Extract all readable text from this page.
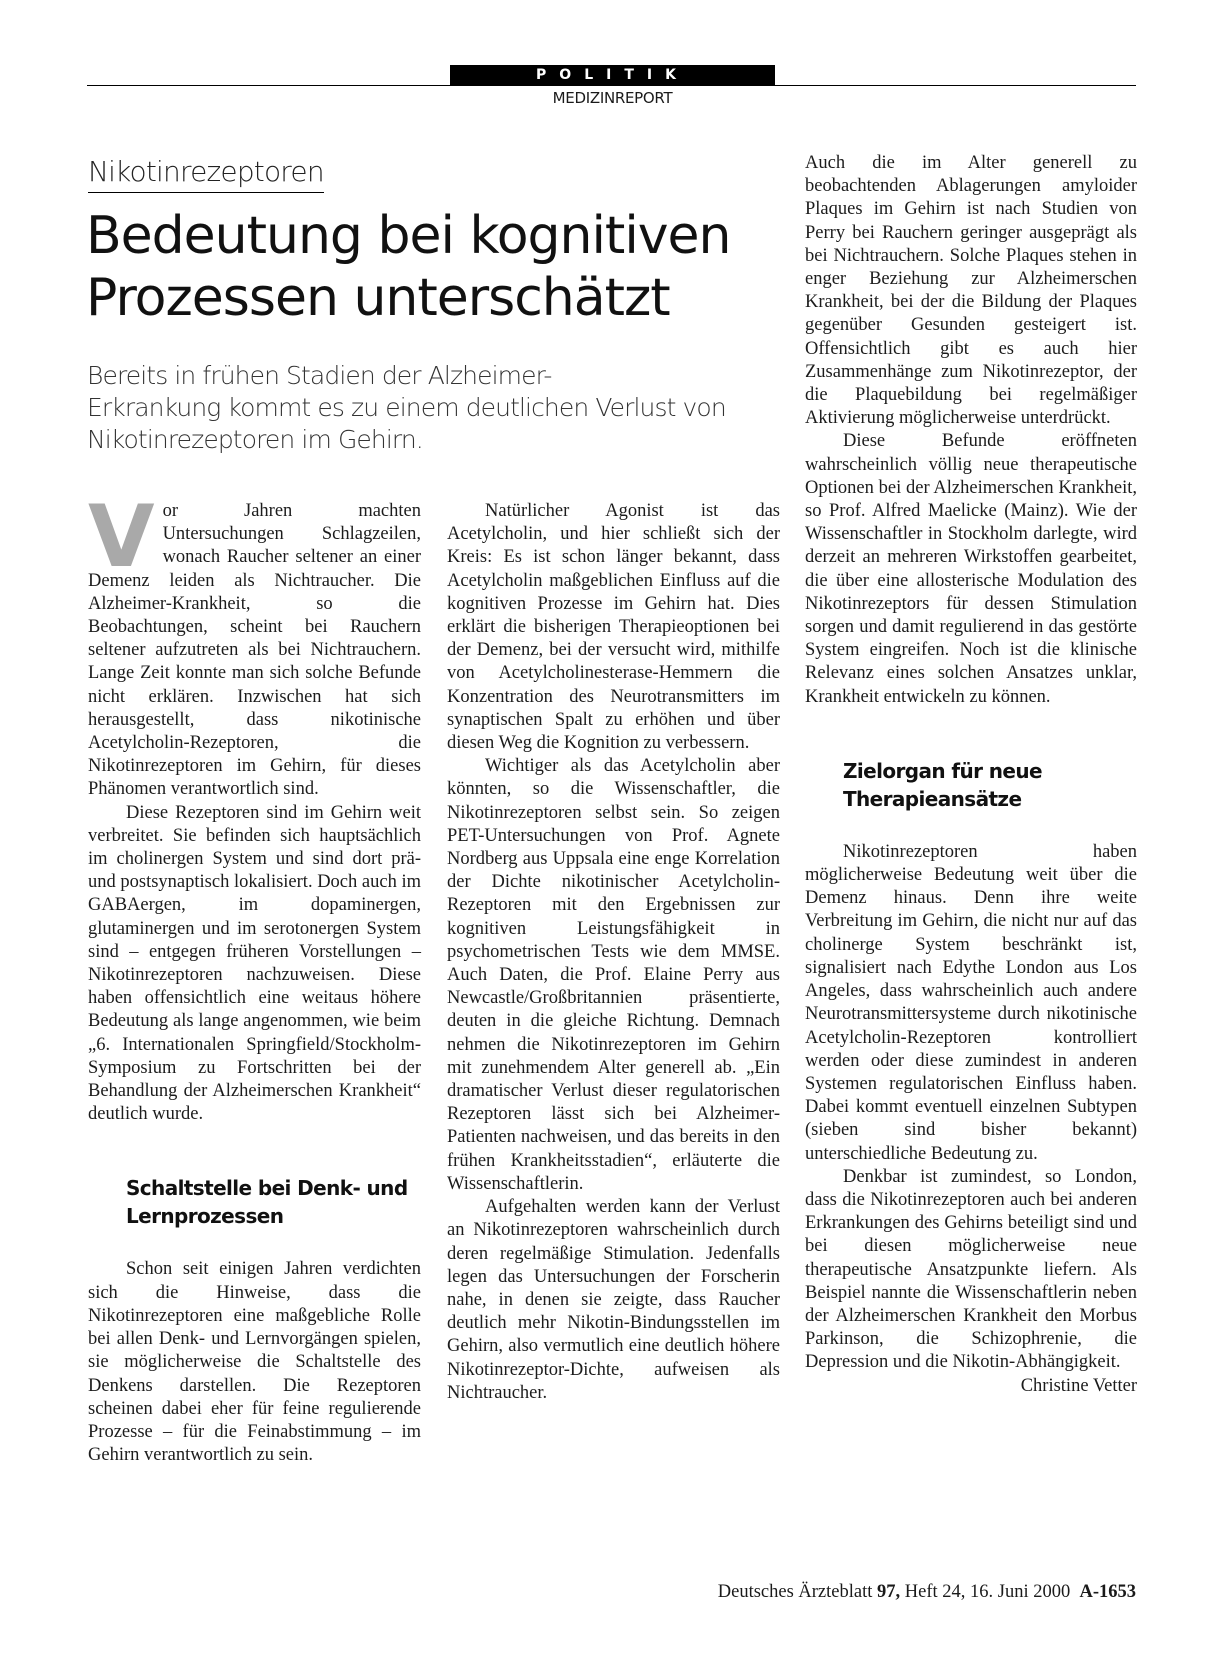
POLITIK
MEDIZINREPORT
Nikotinrezeptoren
Bedeutung bei kognitiven
Prozessen unterschätzt
Bereits in frühen Stadien der Alzheimer-
Erkrankung kommt es zu einem deutlichen Verlust von
Nikotinrezeptoren im Gehirn.
V or Jahren machten Untersuchungen Schlagzeilen, wonach Raucher seltener an einer Demenz leiden als Nichtraucher. Die Alzheimer-Krankheit, so die Beobachtungen, scheint bei Rauchern seltener aufzutreten als bei Nichtrauchern. Lange Zeit konnte man sich solche Befunde nicht erklären. Inzwischen hat sich herausgestellt, dass nikotinische Acetylcholin-Rezeptoren, die Nikotinrezeptoren im Gehirn, für dieses Phänomen verantwortlich sind.

Diese Rezeptoren sind im Gehirn weit verbreitet. Sie befinden sich hauptsächlich im cholinergen System und sind dort prä- und postsynaptisch lokalisiert. Doch auch im GABAergen, im dopaminergen, glutaminergen und im serotonergen System sind – entgegen früheren Vorstellungen – Nikotinrezeptoren nachzuweisen. Diese haben offensichtlich eine weitaus höhere Bedeutung als lange angenommen, wie beim „6. Internationalen Springfield/Stockholm-Symposium zu Fortschritten bei der Behandlung der Alzheimerschen Krankheit“ deutlich wurde.

Schaltstelle bei Denk- und Lernprozessen

Schon seit einigen Jahren verdichten sich die Hinweise, dass die Nikotinrezeptoren eine maßgebliche Rolle bei allen Denk- und Lernvorgängen spielen, sie möglicherweise die Schaltstelle des Denkens darstellen. Die Rezeptoren scheinen dabei eher für feine regulierende Prozesse – für die Feinabstimmung – im Gehirn verantwortlich zu sein.

Natürlicher Agonist ist das Acetylcholin, und hier schließt sich der Kreis: Es ist schon länger bekannt, dass Acetylcholin maßgeblichen Einfluss auf die kognitiven Prozesse im Gehirn hat. Dies erklärt die bisherigen Therapieoptionen bei der Demenz, bei der versucht wird, mithilfe von Acetylcholinesterase-Hemmern die Konzentration des Neurotransmitters im synaptischen Spalt zu erhöhen und über diesen Weg die Kognition zu verbessern.

Wichtiger als das Acetylcholin aber könnten, so die Wissenschaftler, die Nikotinrezeptoren selbst sein. So zeigen PET-Untersuchungen von Prof. Agnete Nordberg aus Uppsala eine enge Korrelation der Dichte nikotinischer Acetylcholin-Rezeptoren mit den Ergebnissen zur kognitiven Leistungsfähigkeit in psychometrischen Tests wie dem MMSE. Auch Daten, die Prof. Elaine Perry aus Newcastle/Großbritannien präsentierte, deuten in die gleiche Richtung. Demnach nehmen die Nikotinrezeptoren im Gehirn mit zunehmendem Alter generell ab. „Ein dramatischer Verlust dieser regulatorischen Rezeptoren lässt sich bei Alzheimer-Patienten nachweisen, und das bereits in den frühen Krankheitsstadien“, erläuterte die Wissenschaftlerin.

Aufgehalten werden kann der Verlust an Nikotinrezeptoren wahrscheinlich durch deren regelmäßige Stimulation. Jedenfalls legen das Untersuchungen der Forscherin nahe, in denen sie zeigte, dass Raucher deutlich mehr Nikotin-Bindungsstellen im Gehirn, also vermutlich eine deutlich höhere Nikotinrezeptor-Dichte, aufweisen als Nichtraucher.

Auch die im Alter generell zu beobachtenden Ablagerungen amyloider Plaques im Gehirn ist nach Studien von Perry bei Rauchern geringer ausgeprägt als bei Nichtrauchern. Solche Plaques stehen in enger Beziehung zur Alzheimerschen Krankheit, bei der die Bildung der Plaques gegenüber Gesunden gesteigert ist. Offensichtlich gibt es auch hier Zusammenhänge zum Nikotinrezeptor, der die Plaquebildung bei regelmäßiger Aktivierung möglicherweise unterdrückt.

Diese Befunde eröffneten wahrscheinlich völlig neue therapeutische Optionen bei der Alzheimerschen Krankheit, so Prof. Alfred Maelicke (Mainz). Wie der Wissenschaftler in Stockholm darlegte, wird derzeit an mehreren Wirkstoffen gearbeitet, die über eine allosterische Modulation des Nikotinrezeptors für dessen Stimulation sorgen und damit regulierend in das gestörte System eingreifen. Noch ist die klinische Relevanz eines solchen Ansatzes unklar, Krankheit entwickeln zu können.

Zielorgan für neue Therapieansätze

Nikotinrezeptoren haben möglicherweise Bedeutung weit über die Demenz hinaus. Denn ihre weite Verbreitung im Gehirn, die nicht nur auf das cholinerge System beschränkt ist, signalisiert nach Edythe London aus Los Angeles, dass wahrscheinlich auch andere Neurotransmittersysteme durch nikotinische Acetylcholin-Rezeptoren kontrolliert werden oder diese zumindest in anderen Systemen regulatorischen Einfluss haben. Dabei kommt eventuell einzelnen Subtypen (sieben sind bisher bekannt) unterschiedliche Bedeutung zu.

Denkbar ist zumindest, so London, dass die Nikotinrezeptoren auch bei anderen Erkrankungen des Gehirns beteiligt sind und bei diesen möglicherweise neue therapeutische Ansatzpunkte liefern. Als Beispiel nannte die Wissenschaftlerin neben der Alzheimerschen Krankheit den Morbus Parkinson, die Schizophrenie, die Depression und die Nikotin-Abhängigkeit.
Christine Vetter

Deutsches Ärzteblatt 97, Heft 24, 16. Juni 2000 A-1653
